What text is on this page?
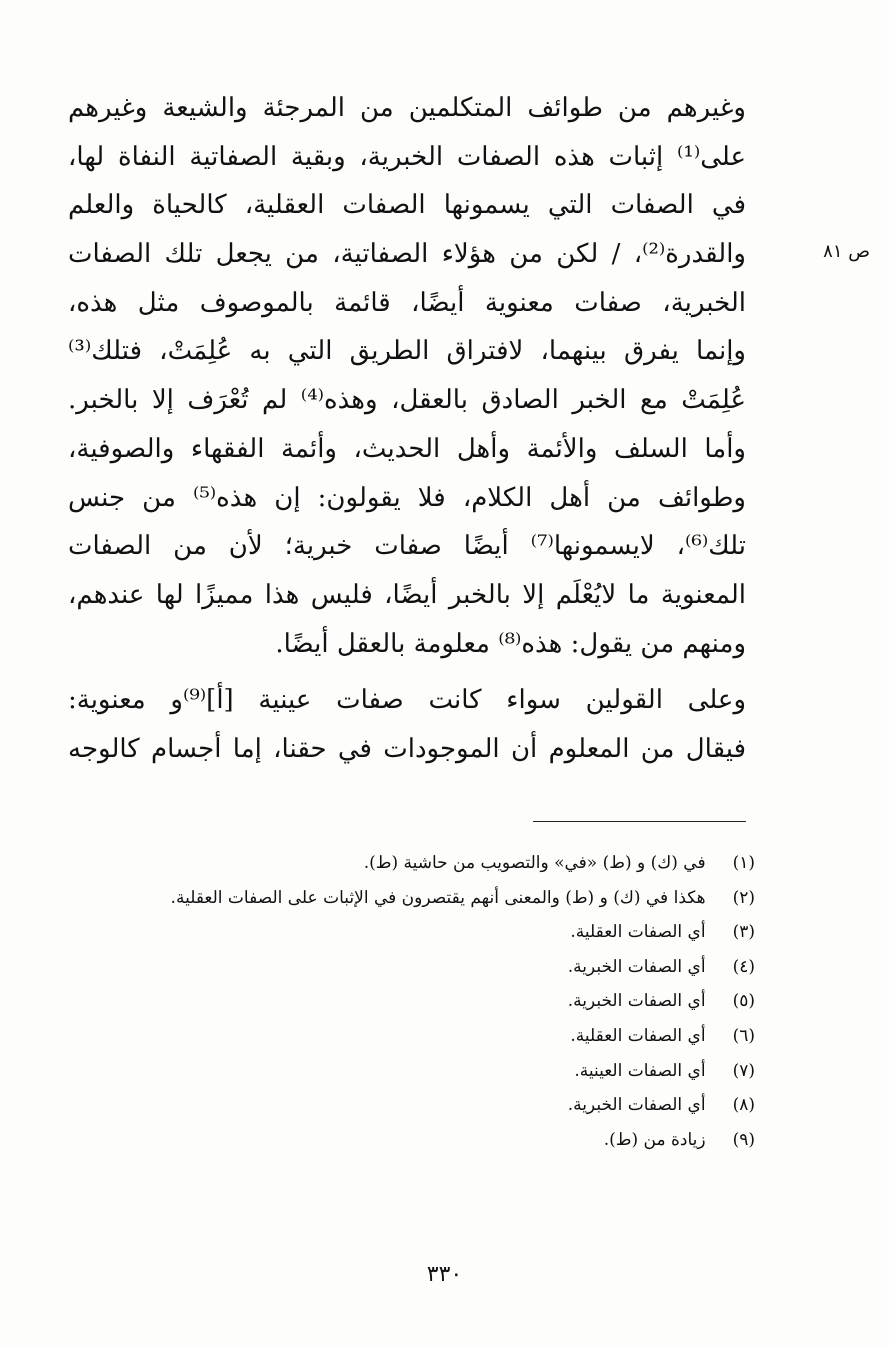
وغيرهم من طوائف المتكلمين من المرجئة والشيعة وغيرهم
على⁽¹⁾ إثبات هذه الصفات الخبرية، وبقية الصفاتية النفاة لها،
في الصفات التي يسمونها الصفات العقلية، كالحياة والعلم
والقدرة⁽²⁾، / لكن من هؤلاء الصفاتية، من يجعل تلك الصفات
الخبرية، صفات معنوية أيضًا، قائمة بالموصوف مثل هذه،
وإنما يفرق بينهما، لافتراق الطريق التي به عُلِمَتْ، فتلك⁽³⁾
عُلِمَتْ مع الخبر الصادق بالعقل، وهذه⁽⁴⁾ لم تُعْرَف إلا بالخبر.
وأما السلف والأئمة وأهل الحديث، وأئمة الفقهاء والصوفية،
وطوائف من أهل الكلام، فلا يقولون: إن هذه⁽⁵⁾ من جنس
تلك⁽⁶⁾، لايسمونها⁽⁷⁾ أيضًا صفات خبرية؛ لأن من الصفات
المعنوية ما لايُعْلَم إلا بالخبر أيضًا، فليس هذا مميزًا لها عندهم،
ومنهم من يقول: هذه⁽⁸⁾ معلومة بالعقل أيضًا.
وعلى القولين سواء كانت صفات عينية [أ]⁽⁹⁾و معنوية:
فيقال من المعلوم أن الموجودات في حقنا، إما أجسام كالوجه
ص ٨١
(١) في (ك) و (ط) «في» والتصويب من حاشية (ط).
(٢) هكذا في (ك) و (ط) والمعنى أنهم يقتصرون في الإثبات على الصفات العقلية.
(٣) أي الصفات العقلية.
(٤) أي الصفات الخبرية.
(٥) أي الصفات الخبرية.
(٦) أي الصفات العقلية.
(٧) أي الصفات العينية.
(٨) أي الصفات الخبرية.
(٩) زيادة من (ط).
٣٣٠
